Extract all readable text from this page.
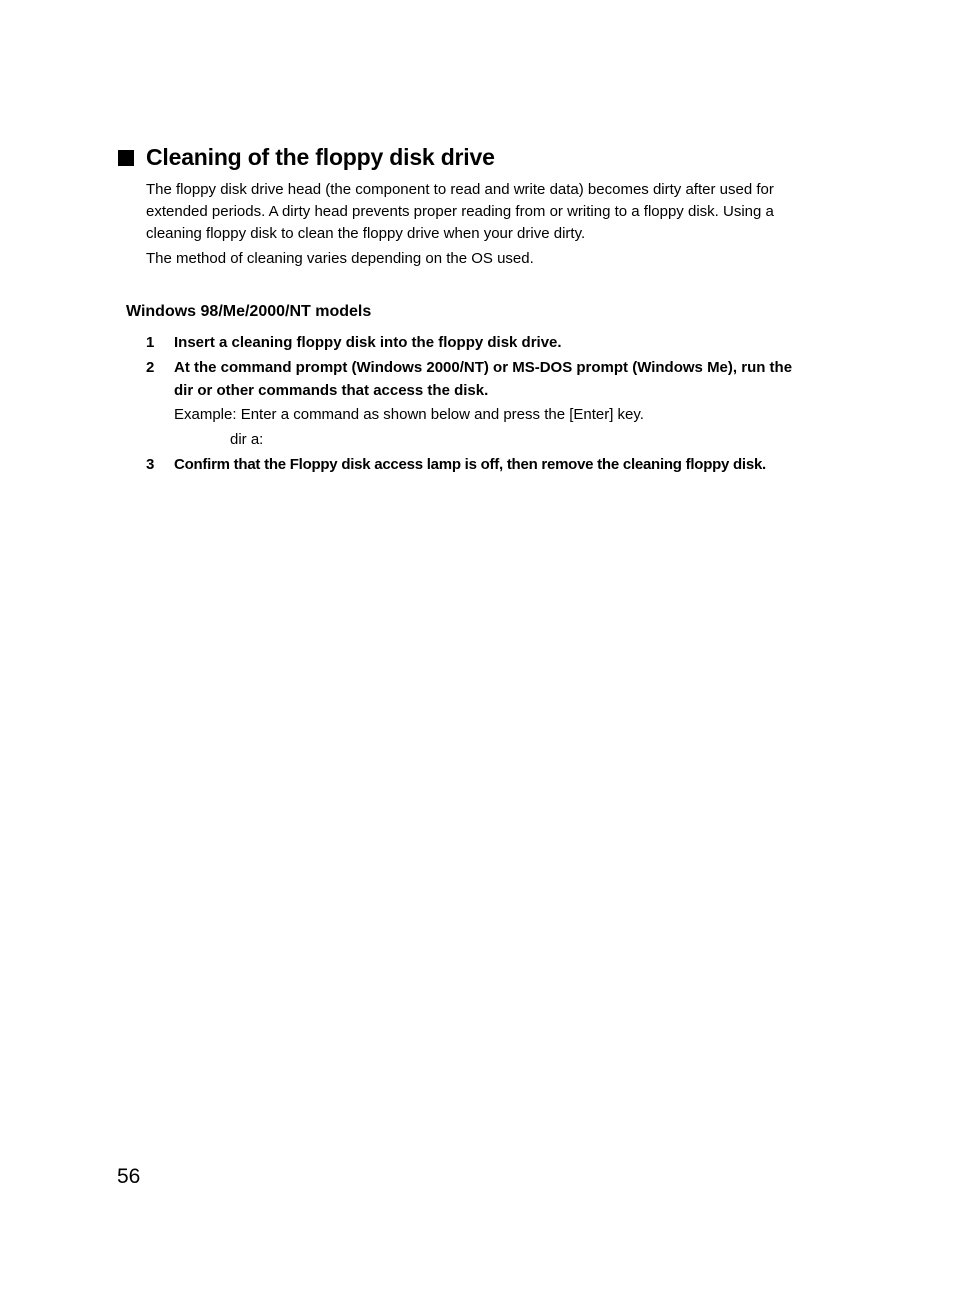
Cleaning of the floppy disk drive

The floppy disk drive head (the component to read and write data) becomes dirty after used for extended periods. A dirty head prevents proper reading from or writing to a floppy disk. Using a cleaning floppy disk to clean the floppy drive when your drive dirty.

The method of cleaning varies depending on the OS used.

Windows 98/Me/2000/NT models
1	Insert a cleaning floppy disk into the floppy disk drive.
2	At the command prompt (Windows 2000/NT) or MS-DOS prompt (Windows Me), run the dir or other commands that access the disk.
Example: Enter a command as shown below and press the [Enter] key.
dir a:
3	Confirm that the Floppy disk access lamp is off, then remove the cleaning floppy disk.
56
